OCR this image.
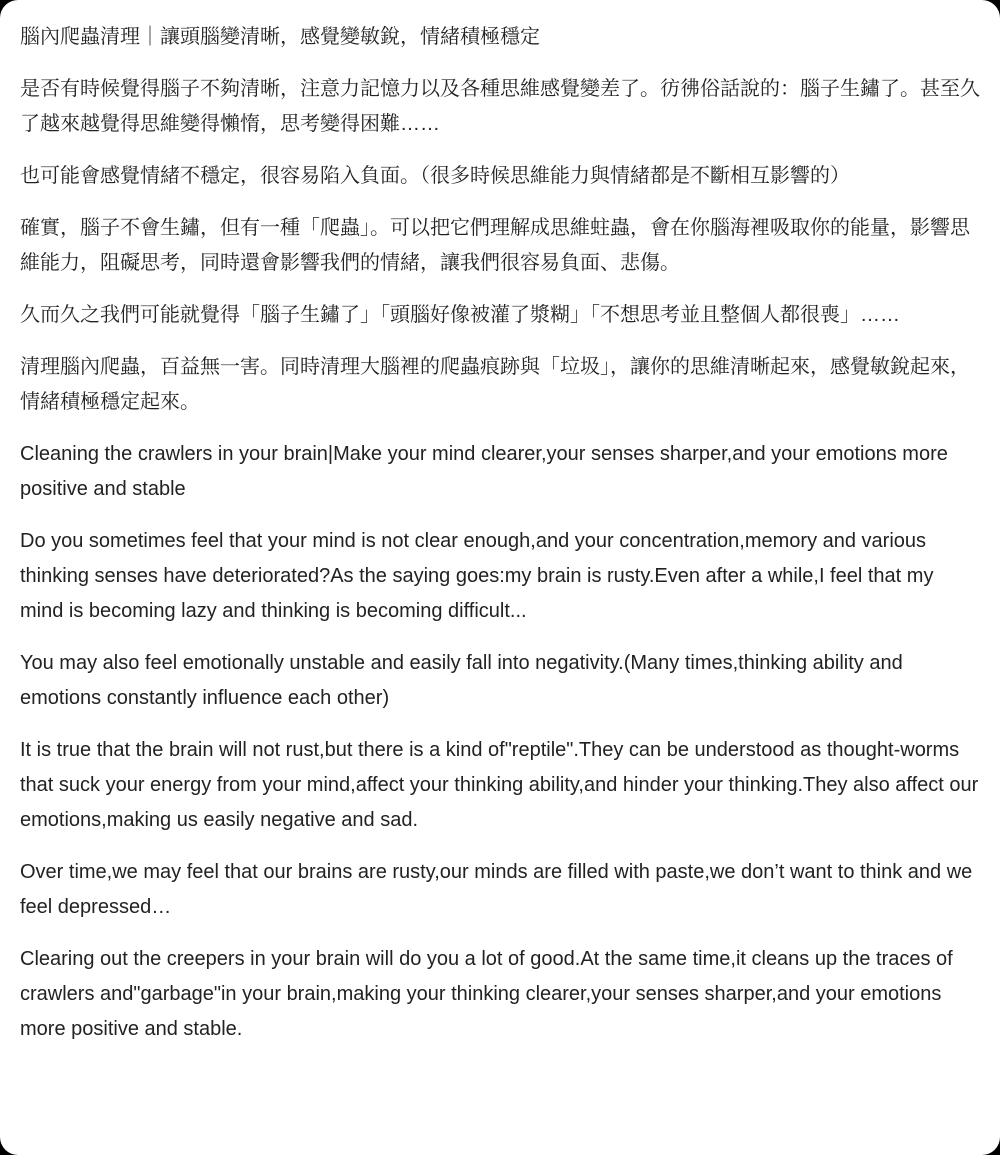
腦內爬蟲清理｜讓頭腦變清晰，感覺變敏銳，情緒積極穩定

是否有時候覺得腦子不夠清晰，注意力記憶力以及各種思維感覺變差了。彷彿俗話說的：腦子生鏽了。甚至久了越來越覺得思維變得懶惰，思考變得困難……

也可能會感覺情緒不穩定，很容易陷入負面。（很多時候思維能力與情緒都是不斷相互影響的）

確實，腦子不會生鏽，但有一種「爬蟲」。可以把它們理解成思維蛀蟲，會在你腦海裡吸取你的能量，影響思維能力，阻礙思考，同時還會影響我們的情緒，讓我們很容易負面、悲傷。

久而久之我們可能就覺得「腦子生鏽了」「頭腦好像被灌了漿糊」「不想思考並且整個人都很喪」……

清理腦內爬蟲，百益無一害。同時清理大腦裡的爬蟲痕跡與「垃圾」，讓你的思維清晰起來，感覺敏銳起來，情緒積極穩定起來。

Cleaning the crawlers in your brain|Make your mind clearer,your senses sharper,and your emotions more positive and stable

Do you sometimes feel that your mind is not clear enough,and your concentration,memory and various thinking senses have deteriorated?As the saying goes:my brain is rusty.Even after a while,I feel that my mind is becoming lazy and thinking is becoming difficult...

You may also feel emotionally unstable and easily fall into negativity.(Many times,thinking ability and emotions constantly influence each other)

It is true that the brain will not rust,but there is a kind of"reptile".They can be understood as thought-worms that suck your energy from your mind,affect your thinking ability,and hinder your thinking.They also affect our emotions,making us easily negative and sad.

Over time,we may feel that our brains are rusty,our minds are filled with paste,we don’t want to think and we feel depressed…

Clearing out the creepers in your brain will do you a lot of good.At the same time,it cleans up the traces of crawlers and"garbage"in your brain,making your thinking clearer,your senses sharper,and your emotions more positive and stable.
